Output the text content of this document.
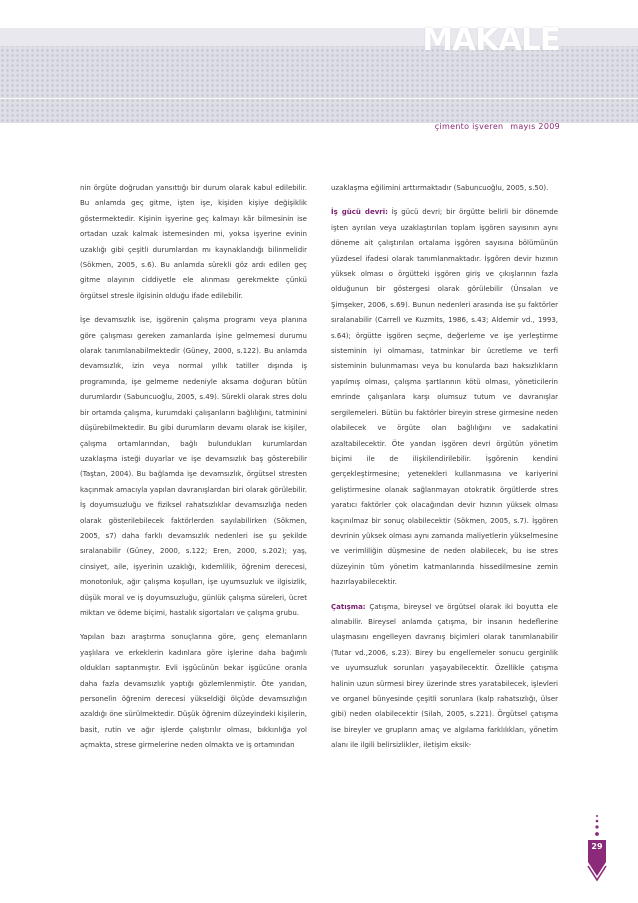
MAKALE
çimento işveren mayıs 2009

nin örgüte doğrudan yansıttığı bir durum olarak kabul edilebilir. Bu anlamda geç gitme, işten işe, kişiden kişiye değişiklik göstermektedir. Kişinin işyerine geç kalmayı kâr bilmesinin ise ortadan uzak kalmak istemesinden mi, yoksa işyerine evinin uzaklığı gibi çeşitli durumlardan mı kaynaklandığı bilinmelidir (Sökmen, 2005, s.6). Bu anlamda sürekli göz ardı edilen geç gitme olayının ciddiyetle ele alınması gerekmekte çünkü örgütsel stresle ilgisinin olduğu ifade edilebilir.

İşe devamsızlık ise, işgörenin çalışma programı veya planına göre çalışması gereken zamanlarda işine gelmemesi durumu olarak tanımlanabilmektedir (Güney, 2000, s.122). Bu anlamda devamsızlık, izin veya normal yıllık tatiller dışında iş programında, işe gelmeme nedeniyle aksama doğuran bütün durumlardır (Sabuncuoğlu, 2005, s.49). Sürekli olarak stres dolu bir ortamda çalışma, kurumdaki çalışanların bağlılığını, tatminini düşürebilmektedir. Bu gibi durumların devamı olarak ise kişiler, çalışma ortamlarından, bağlı bulundukları kurumlardan uzaklaşma isteği duyarlar ve işe devamsızlık baş gösterebilir (Taştan, 2004). Bu bağlamda işe devamsızlık, örgütsel stresten kaçınmak amacıyla yapılan davranışlardan biri olarak görülebilir. İş doyumsuzluğu ve fiziksel rahatsızlıklar devamsızlığa neden olarak gösterilebilecek faktörlerden sayılabilirken (Sökmen, 2005, s7) daha farklı devamsızlık nedenleri ise şu şekilde sıralanabilir (Güney, 2000, s.122; Eren, 2000, s.202); yaş, cinsiyet, aile, işyerinin uzaklığı, kıdemlilik, öğrenim derecesi, monotonluk, ağır çalışma koşulları, işe uyumsuzluk ve ilgisizlik, düşük moral ve iş doyumsuzluğu, günlük çalışma süreleri, ücret miktarı ve ödeme biçimi, hastalık sigortaları ve çalışma grubu.

Yapılan bazı araştırma sonuçlarına göre, genç elemanların yaşlılara ve erkeklerin kadınlara göre işlerine daha bağımlı oldukları saptanmıştır. Evli işgücünün bekar işgücüne oranla daha fazla devamsızlık yaptığı gözlemlenmiştir. Öte yandan, personelin öğrenim derecesi yükseldiği ölçüde devamsızlığın azaldığı öne sürülmektedir. Düşük öğrenim düzeyindeki kişilerin, basit, rutin ve ağır işlerde çalıştırılır olması, bıkkınlığa yol açmakta, strese girmelerine neden olmakta ve iş ortamından

uzaklaşma eğilimini arttırmaktadır (Sabuncuoğlu, 2005, s.50).

İş gücü devri: İş gücü devri; bir örgütte belirli bir dönemde işten ayrılan veya uzaklaştırılan toplam işgören sayısının aynı döneme ait çalıştırılan ortalama işgören sayısına bölümünün yüzdesel ifadesi olarak tanımlanmaktadır. İşgören devir hızının yüksek olması o örgütteki işgören giriş ve çıkışlarının fazla olduğunun bir göstergesi olarak görülebilir (Ünsalan ve Şimşeker, 2006, s.69). Bunun nedenleri arasında ise şu faktörler sıralanabilir (Carrell ve Kuzmits, 1986, s.43; Aldemir vd., 1993, s.64); örgütte işgören seçme, değerleme ve işe yerleştirme sisteminin iyi olmaması, tatminkar bir ücretleme ve terfi sisteminin bulunmaması veya bu konularda bazı haksızlıkların yapılmış olması, çalışma şartlarının kötü olması, yöneticilerin emrinde çalışanlara karşı olumsuz tutum ve davranışlar sergilemeleri. Bütün bu faktörler bireyin strese girmesine neden olabilecek ve örgüte olan bağlılığını ve sadakatini azaltabilecektir. Öte yandan işgören devri örgütün yönetim biçimi ile de ilişkilendirilebilir. İşgörenin kendini gerçekleştirmesine; yetenekleri kullanmasına ve kariyerini geliştirmesine olanak sağlanmayan otokratik örgütlerde stres yaratıcı faktörler çok olacağından devir hızının yüksek olması kaçınılmaz bir sonuç olabilecektir (Sökmen, 2005, s.7). İşgören devrinin yüksek olması aynı zamanda maliyetlerin yükselmesine ve verimliliğin düşmesine de neden olabilecek, bu ise stres düzeyinin tüm yönetim katmanlarında hissedilmesine zemin hazırlayabilecektir.

Çatışma: Çatışma, bireysel ve örgütsel olarak iki boyutta ele alınabilir. Bireysel anlamda çatışma, bir insanın hedeflerine ulaşmasını engelleyen davranış biçimleri olarak tanımlanabilir (Tutar vd.,2006, s.23). Birey bu engellemeler sonucu gerginlik ve uyumsuzluk sorunları yaşayabilecektir. Özellikle çatışma halinin uzun sürmesi birey üzerinde stres yaratabilecek, işlevleri ve organel bünyesinde çeşitli sorunlara (kalp rahatsızlığı, ülser gibi) neden olabilecektir (Silah, 2005, s.221). Örgütsel çatışma ise bireyler ve grupların amaç ve algılama farklılıkları, yönetim alanı ile ilgili belirsizlikler, iletişim eksik-

29
